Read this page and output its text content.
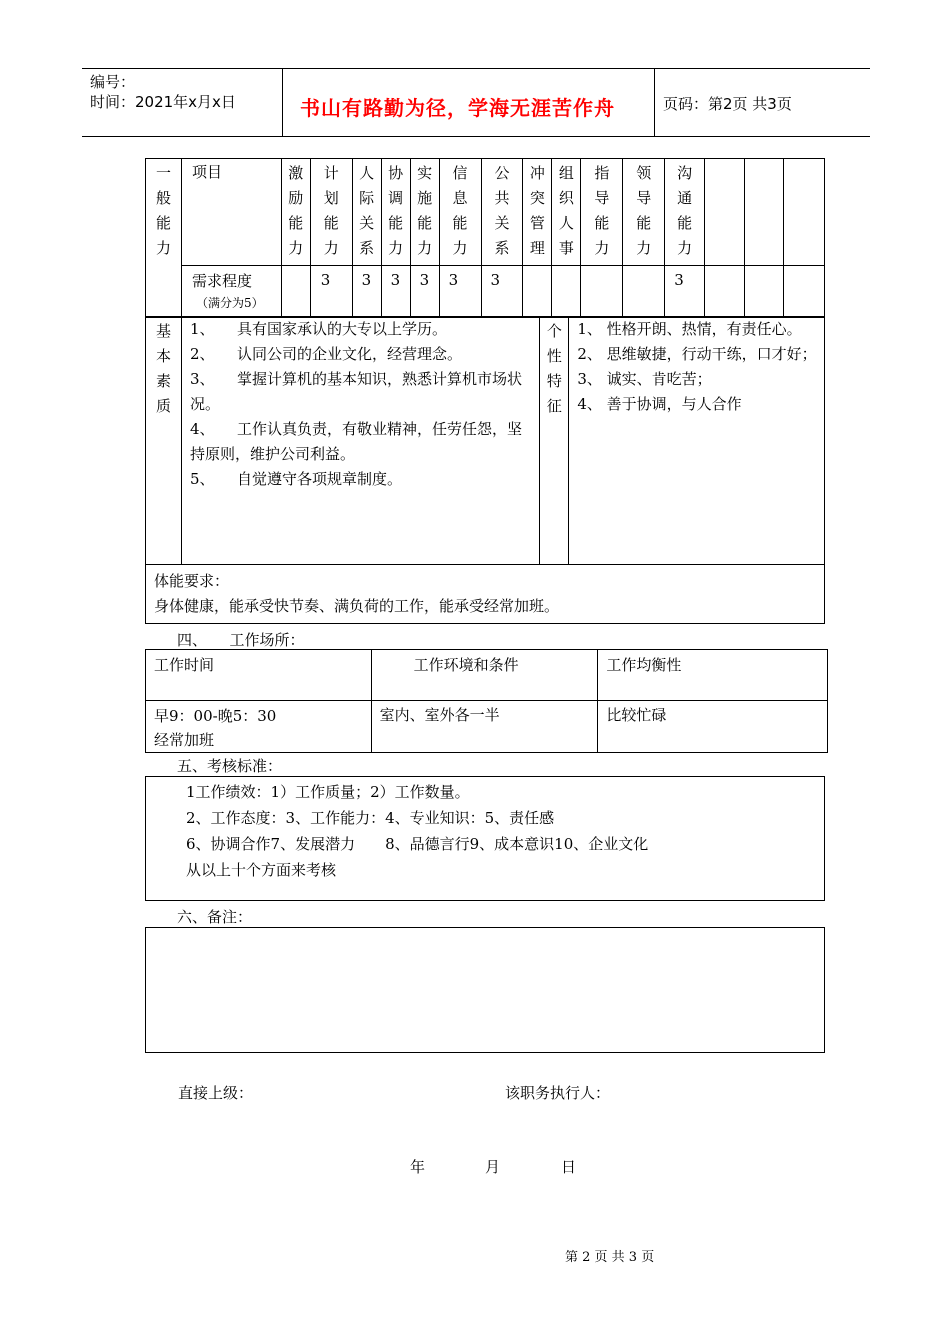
编号：
时间：2021年x月x日	书山有路勤为径，学海无涯苦作舟	页码：第2页 共3页
一
般
能
力	项目	激
励
能
力	计
划
能
力	人
际
关
系	协
调
能
力	实
施
能
力	信
息
能
力	公
共
关
系	冲
突
管
理	组
织
人
事	指
导
能
力	领
导
能
力	沟
通
能
力			

	需求程度
（满分为5）		3	3	3	3	3	3					3			
基
本
素
质

1、　　具有国家承认的大专以上学历。
2、　　认同公司的企业文化，经营理念。
3、　　掌握计算机的基本知识，熟悉计算机市场状况。
4、　　工作认真负责，有敬业精神，任劳任怨，坚持原则，维护公司利益。
5、　　自觉遵守各项规章制度。

个
性
特
征

1、 性格开朗、热情，有责任心。
2、 思维敏捷，行动干练，口才好；
3、 诚实、肯吃苦；
4、 善于协调，与人合作

体能要求：
身体健康，能承受快节奏、满负荷的工作，能承受经常加班。
四、　　工作场所：
工作时间	工作环境和条件	工作均衡性

早9：00-晚5：30
经常加班	室内、室外各一半	比较忙碌
五、考核标准：
1工作绩效：1）工作质量；2）工作数量。
2、工作态度：3、工作能力：4、专业知识：5、责任感
6、协调合作7、发展潜力　　8、品德言行9、成本意识10、企业文化
从以上十个方面来考核
六、备注：
直接上级：	该职务执行人：
年	月	日
第 2 页 共 3 页
